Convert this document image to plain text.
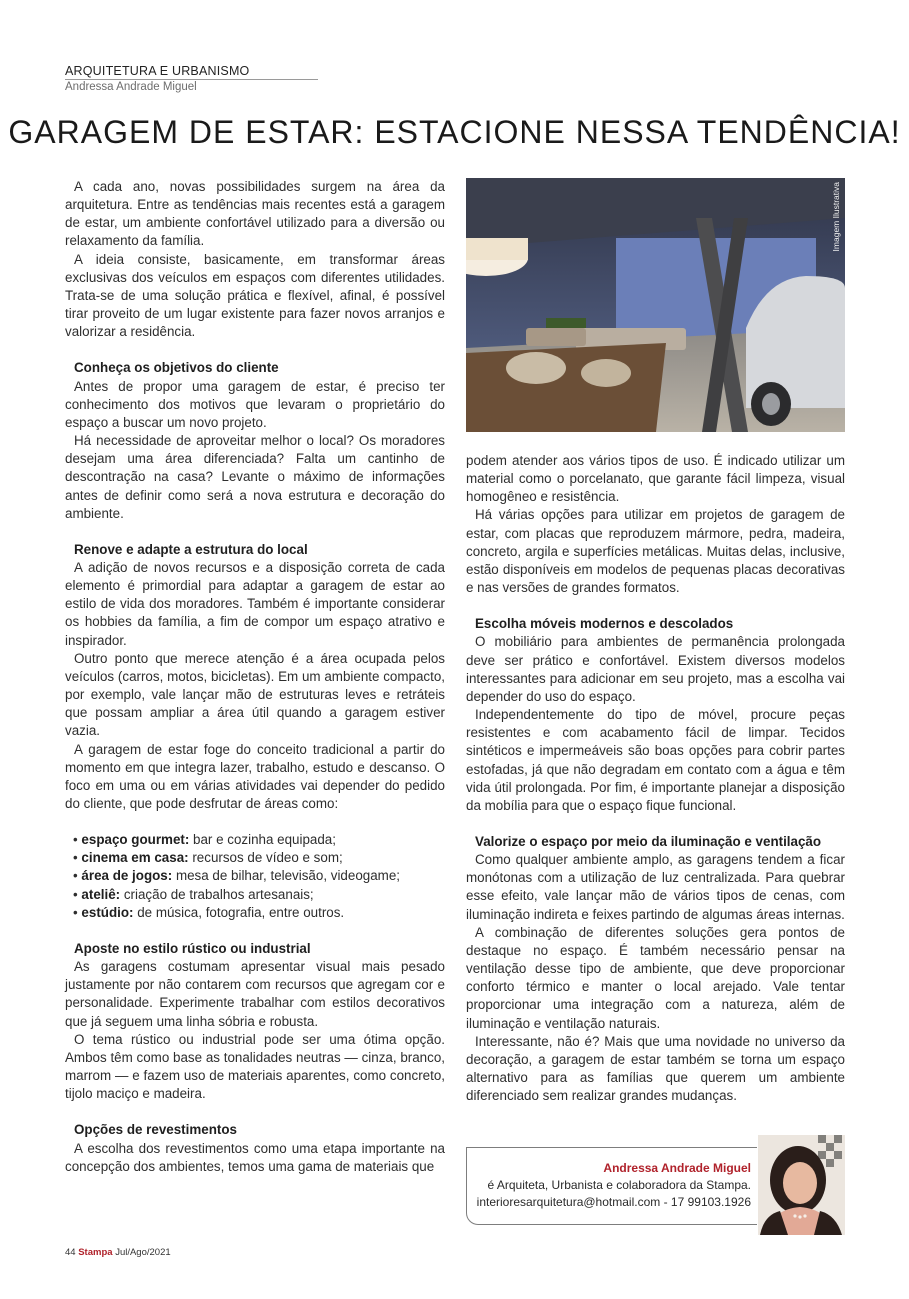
ARQUITETURA E URBANISMO
Andressa Andrade Miguel
GARAGEM DE ESTAR: ESTACIONE NESSA TENDÊNCIA!

A cada ano, novas possibilidades surgem na área da arquitetura. Entre as tendências mais recentes está a garagem de estar, um ambiente confortável utilizado para a diversão ou relaxamento da família.

A ideia consiste, basicamente, em transformar áreas exclusivas dos veículos em espaços com diferentes utilidades. Trata-se de uma solução prática e flexível, afinal, é possível tirar proveito de um lugar existente para fazer novos arranjos e valorizar a residência.

Conheça os objetivos do cliente

Antes de propor uma garagem de estar, é preciso ter conhecimento dos motivos que levaram o proprietário do espaço a buscar um novo projeto.

Há necessidade de aproveitar melhor o local? Os moradores desejam uma área diferenciada? Falta um cantinho de descontração na casa? Levante o máximo de informações antes de definir como será a nova estrutura e decoração do ambiente.

Renove e adapte a estrutura do local

A adição de novos recursos e a disposição correta de cada elemento é primordial para adaptar a garagem de estar ao estilo de vida dos moradores. Também é importante considerar os hobbies da família, a fim de compor um espaço atrativo e inspirador.

Outro ponto que merece atenção é a área ocupada pelos veículos (carros, motos, bicicletas). Em um ambiente compacto, por exemplo, vale lançar mão de estruturas leves e retráteis que possam ampliar a área útil quando a garagem estiver vazia.

A garagem de estar foge do conceito tradicional a partir do momento em que integra lazer, trabalho, estudo e descanso. O foco em uma ou em várias atividades vai depender do pedido do cliente, que pode desfrutar de áreas como:

• espaço gourmet: bar e cozinha equipada;
• cinema em casa: recursos de vídeo e som;
• área de jogos: mesa de bilhar, televisão, videogame;
• ateliê: criação de trabalhos artesanais;
• estúdio: de música, fotografia, entre outros.
Aposte no estilo rústico ou industrial

As garagens costumam apresentar visual mais pesado justamente por não contarem com recursos que agregam cor e personalidade. Experimente trabalhar com estilos decorativos que já seguem uma linha sóbria e robusta.

O tema rústico ou industrial pode ser uma ótima opção. Ambos têm como base as tonalidades neutras — cinza, branco, marrom — e fazem uso de materiais aparentes, como concreto, tijolo maciço e madeira.

Opções de revestimentos

A escolha dos revestimentos como uma etapa importante na concepção dos ambientes, temos uma gama de materiais que

Imagem Ilustrativa

podem atender aos vários tipos de uso. É indicado utilizar um material como o porcelanato, que garante fácil limpeza, visual homogêneo e resistência.

Há várias opções para utilizar em projetos de garagem de estar, com placas que reproduzem mármore, pedra, madeira, concreto, argila e superfícies metálicas. Muitas delas, inclusive, estão disponíveis em modelos de pequenas placas decorativas e nas versões de grandes formatos.

Escolha móveis modernos e descolados

O mobiliário para ambientes de permanência prolongada deve ser prático e confortável. Existem diversos modelos interessantes para adicionar em seu projeto, mas a escolha vai depender do uso do espaço.

Independentemente do tipo de móvel, procure peças resistentes e com acabamento fácil de limpar. Tecidos sintéticos e impermeáveis são boas opções para cobrir partes estofadas, já que não degradam em contato com a água e têm vida útil prolongada. Por fim, é importante planejar a disposição da mobília para que o espaço fique funcional.

Valorize o espaço por meio da iluminação e ventilação

Como qualquer ambiente amplo, as garagens tendem a ficar monótonas com a utilização de luz centralizada. Para quebrar esse efeito, vale lançar mão de vários tipos de cenas, com iluminação indireta e feixes partindo de algumas áreas internas.

A combinação de diferentes soluções gera pontos de destaque no espaço. É também necessário pensar na ventilação desse tipo de ambiente, que deve proporcionar conforto térmico e manter o local arejado. Vale tentar proporcionar uma integração com a natureza, além de iluminação e ventilação naturais.

Interessante, não é? Mais que uma novidade no universo da decoração, a garagem de estar também se torna um espaço alternativo para as famílias que querem um ambiente diferenciado sem realizar grandes mudanças.

Andressa Andrade Miguel
é Arquiteta, Urbanista e colaboradora da Stampa.
interioresarquitetura@hotmail.com - 17 99103.1926
44 Stampa Jul/Ago/2021
